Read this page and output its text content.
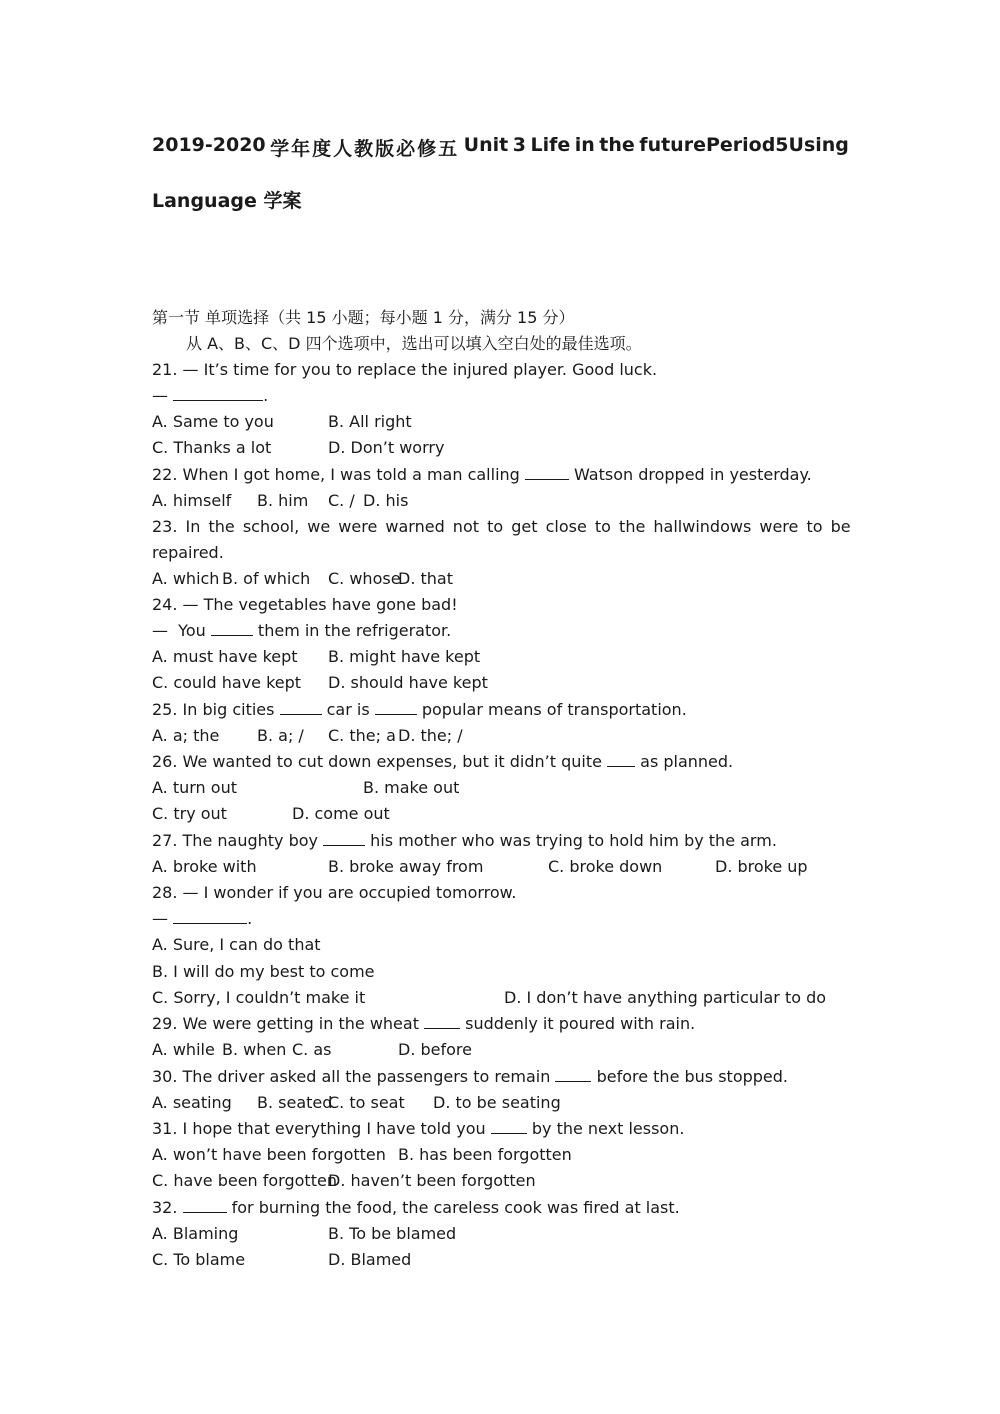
2019-2020 学年度人教版必修五 Unit 3 Life in the futurePeriod5Using
Language 学案
第一节 单项选择（共 15 小题；每小题 1 分，满分 15 分）
从 A、B、C、D 四个选项中，选出可以填入空白处的最佳选项。
21. — It’s time for you to replace the injured player. Good luck.
—	.
A. Same to you	B. All right
C. Thanks a lot	D. Don’t worry
22. When I got home, I was told a man calling	Watson dropped in yesterday.
A. himself B. him C. / D. his
23. In the school, we were warned not to get close to the hall windows were to be
repaired.
A. which B. of which C. whose
D. that
24. — The vegetables have gone bad!
—  You	them in the refrigerator.
A. must have kept B. might have kept
C. could have kept D. should have kept
25. In big cities	car is	popular means of transportation.
A. a; the B. a; / C. the; a D. the; /
26. We wanted to cut down expenses, but it didn’t quite  as planned.
A. turn out	B. make out
C. try out	D. come out
27. The naughty boy	his mother who was trying to hold him by the arm.
A. broke with	B. broke away from	C. broke down	D. broke up
28. — I wonder if you are occupied tomorrow.
—	.
A. Sure, I can do that
B. I will do my best to come
C. Sorry, I couldn’t make it	D. I don’t have anything particular to do
29. We were getting in the wheat  suddenly it poured with rain.
A. while B. when C. as	D. before
30. The driver asked all the passengers to remain  before the bus stopped.
A. seating B. seated
C. to seat D. to be seating
31. I hope that everything I have told you  by the next lesson.
A. won’t have been forgotten B. has been forgotten
C. have been forgotten
D. haven’t been forgotten
32.	for burning the food, the careless cook was fired at last.
A. Blaming	B. To be blamed
C. To blame	D. Blamed
